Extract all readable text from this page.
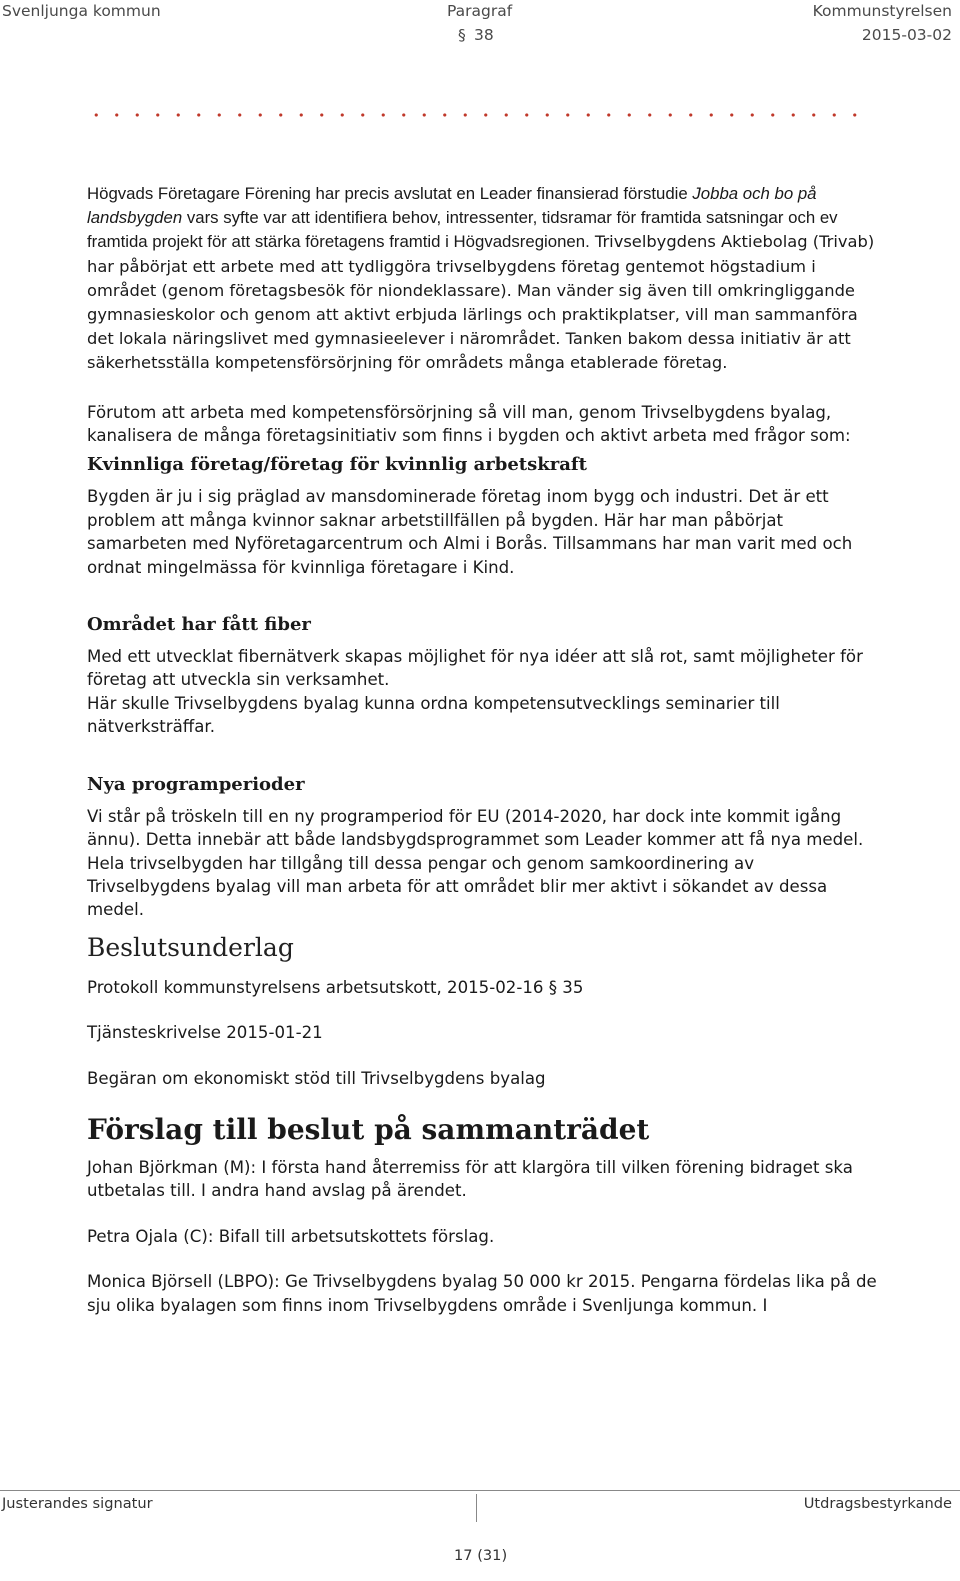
Svenljunga kommun	Paragraf	Kommunstyrelsen
§ 38	2015-03-02

Högvads Företagare Förening har precis avslutat en Leader finansierad förstudie Jobba och bo på landsbygden vars syfte var att identifiera behov, intressenter, tidsramar för framtida satsningar och ev framtida projekt för att stärka företagens framtid i Högvadsregionen. Trivselbygdens Aktiebolag (Trivab) har påbörjat ett arbete med att tydliggöra trivselbygdens företag gentemot högstadium i området (genom företagsbesök för niondeklassare). Man vänder sig även till omkringliggande gymnasieskolor och genom att aktivt erbjuda lärlings och praktikplatser, vill man sammanföra det lokala näringslivet med gymnasieelever i närområdet. Tanken bakom dessa initiativ är att säkerhetsställa kompetensförsörjning för områdets många etablerade företag.

Förutom att arbeta med kompetensförsörjning så vill man, genom Trivselbygdens byalag, kanalisera de många företagsinitiativ som finns i bygden och aktivt arbeta med frågor som:

Kvinnliga företag/företag för kvinnlig arbetskraft

Bygden är ju i sig präglad av mansdominerade företag inom bygg och industri. Det är ett problem att många kvinnor saknar arbetstillfällen på bygden. Här har man påbörjat samarbeten med Nyföretagarcentrum och Almi i Borås. Tillsammans har man varit med och ordnat mingelmässa för kvinnliga företagare i Kind.

Området har fått fiber

Med ett utvecklat fibernätverk skapas möjlighet för nya idéer att slå rot, samt möjligheter för företag att utveckla sin verksamhet.

Här skulle Trivselbygdens byalag kunna ordna kompetensutvecklings seminarier till nätverksträffar.

Nya programperioder

Vi står på tröskeln till en ny programperiod för EU (2014-2020, har dock inte kommit igång ännu). Detta innebär att både landsbygdsprogrammet som Leader kommer att få nya medel. Hela trivselbygden har tillgång till dessa pengar och genom samkoordinering av Trivselbygdens byalag vill man arbeta för att området blir mer aktivt i sökandet av dessa medel.

Beslutsunderlag

Protokoll kommunstyrelsens arbetsutskott, 2015-02-16 § 35

Tjänsteskrivelse 2015-01-21

Begäran om ekonomiskt stöd till Trivselbygdens byalag

Förslag till beslut på sammanträdet

Johan Björkman (M): I första hand återremiss för att klargöra till vilken förening bidraget ska utbetalas till. I andra hand avslag på ärendet.

Petra Ojala (C): Bifall till arbetsutskottets förslag.

Monica Björsell (LBPO): Ge Trivselbygdens byalag 50 000 kr 2015. Pengarna fördelas lika på de sju olika byalagen som finns inom Trivselbygdens område i Svenljunga kommun. I

Justerandes signatur	Utdragsbestyrkande
17 (31)
